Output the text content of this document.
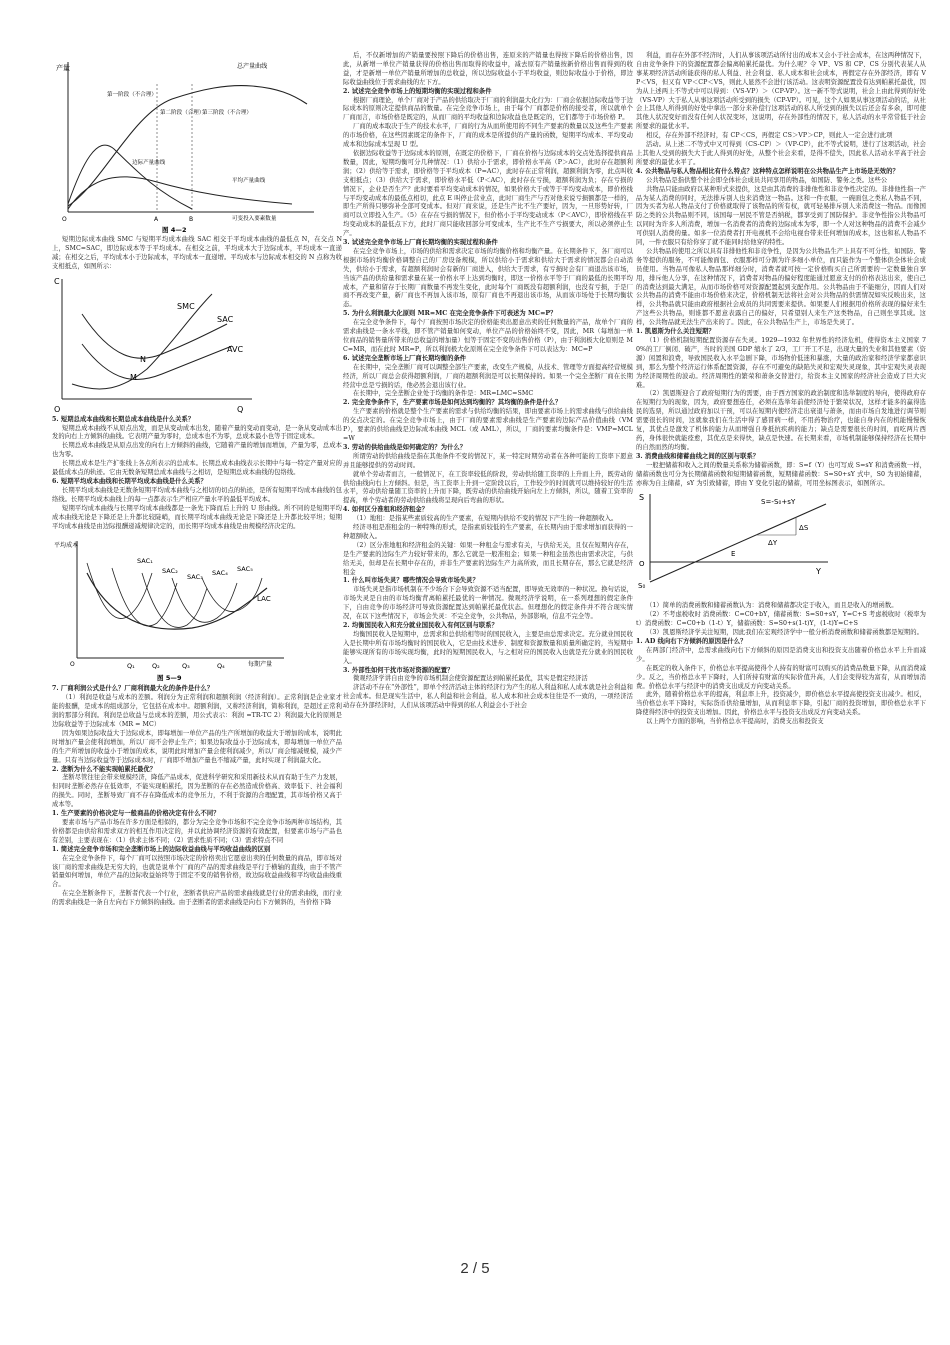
产量	总产量曲线
第一阶段（不合理）
第二阶段（合理）
第三阶段（不合理）
边际产量曲线
平均产量曲线
可变投入要素数量
O	A	B
图 4—2

短期边际成本曲线 SMC 与短期平均成本曲线 SAC 相交于平均成本曲线的最低点 N，在交点 N 上，SMC=SAC，即边际成本等于平均成本。在相交之前，平均成本大于边际成本，平均成本一直递减；在相交之后，平均成本小于边际成本，平均成本一直递增。平均成本与边际成本相交的 N 点称为收支相抵点，如图所示：

C
O	Q
SMC
SAC
AVC
N
M

5. 短期总成本曲线和长期总成本曲线是什么关系？

短期总成本曲线不从原点出发，而是从变动成本出发，随着产量的变动而变动，是一条从变动成本出发的向右上方倾斜的曲线。它表明产量为零时，总成本也不为零，总成本最小也等于固定成本。

长期总成本曲线是从原点出发的向右上方倾斜的曲线，它随着产量的增加而增加，产量为零，总成本也为零。

长期总成本是生产扩张线上各点所表示的总成本。长期总成本曲线表示长期中与每一特定产量对应的最低成本点的轨迹。它由无数条短期总成本曲线与之相切，是短期总成本曲线的包络线。

6. 短期平均成本曲线和长期平均成本曲线是什么关系？

长期平均成本曲线是无数条短期平均成本曲线与之相切的切点的轨迹，是所有短期平均成本曲线的包络线。长期平均成本曲线上的每一点都表示生产相应产量水平的最低平均成本。

短期平均成本曲线与长期平均成本曲线都是一条先下降而后上升的 U 形曲线。所不同的是短期平均成本曲线无论是下降还是上升都比较陡峭，而长期平均成本曲线无论是下降还是上升都比较平坦；短期平均成本曲线是由边际报酬递减规律决定的，而长期平均成本曲线是由规模经济决定的。

平均成本
每期产量
O
SAC₁
SAC₂
SAC₃ SAC₄ SAC₅
LAC
Q₁	Q₂	Q₃	Q₄
图 5—9

7. 厂商利润公式是什么？厂商利润最大化的条件是什么？

（1）利润是收益与成本的差额。利润分为正常利润和超额利润（经济利润）。正常利润是企业家才能的报酬，是成本的组成部分，它包括在成本中。超额利润，又称经济利润，简称利润，是超过正常利润的那部分利润。利润是总收益与总成本的差额，用公式表示：利润 =TR-TC 2）利润最大化的原则是边际收益等于边际成本（MR = MC）

因为如果边际收益大于边际成本，即每增加一单位产品的生产所增加的收益大于增加的成本，说明此时增加产量会使利润增加，所以厂商不会停止生产；如果边际收益小于边际成本，即每增加一单位产品的生产所增加的收益小于增加的成本，说明此时增加产量会使利润减少，所以厂商会缩减规模，减少产量。只有当边际收益等于边际成本时，厂商即不增加产量也不缩减产量，此时实现了利润最大化。

2. 垄断为什么不能实现帕累托最优？

垄断尽管往往会带来规模经济，降低产品成本，促进科学研究和采用新技术从而有助于生产力发展，但同时垄断必然存在低效率，不能实现帕累托，因为垄断的存在必然造成价格高、效率低下、社会福利的损失。同时，垄断导致厂商不存在降低成本的竞争压力，不利于资源的合理配置，其市场价格又高于成本等。

1. 生产要素的价格决定与一般商品的价格决定有什么不同？

要素市场与产品市场在许多方面是相似的，都分为完全竞争市场和不完全竞争市场两种市场结构，其价格都是由供给和需求双方的相互作用决定的，并以此协调经济资源的有效配置，但要素市场与产品也有差别，主要表现在：（1）供求主体不同；（2）需求性质不同；（3）需求特点不同

1. 简述完全竞争市场和完全垄断市场上的边际收益曲线与平均收益曲线的区别

在完全竞争条件下，每个厂商可以按照市场决定的价格卖出它愿意出卖的任何数量的商品，即市场对该厂商的需求曲线是无穷大的，也就是说单个厂商的产品的需求曲线是平行于横轴的直线，由于不管产销量如何增加，单位产品的边际收益始终等于固定不变的销售价格，故边际收益曲线和平均收益曲线重合。

在完全垄断条件下，垄断者代表一个行业，垄断者供应产品的需求曲线就是行业的需求曲线，而行业的需求曲线是一条自左向右下方倾斜的曲线。由于垄断者的需求曲线是向右下方倾斜的，当价格下降

后，不仅新增加的产销量要按照下降后的价格出售，连原来的产销量也得按下降后的价格出售，因此，从新增一单位产销量获得的价格出售而取得的收益中，减去原有产销量按新价格出售而得到的收益，才是新增一单位产销量所增加的总收益，所以边际收益小于平均收益，则边际收益小于价格，即边际收益曲线位于需求曲线的左下方。

2. 试述完全竞争市场上的短期均衡的实现过程和条件

根据厂商理论，单个厂商对于产品的供给取决于厂商的利润最大化行为：厂商会依据边际收益等于边际成本的原则决定提供商品的数量。在完全竞争市场上，由于每个厂商都是价格的接受者，所以就单个厂商而言，市场价格是既定的，从而厂商的平均收益和边际收益也是既定的，它们都等于市场价格 P。

厂商的成本取决于生产的技术水平，厂商的行为从而所使用的不同生产要素的数量以及这些生产要素的市场价格，在这些因素既定的条件下，厂商的成本是所提供的产量的函数，短期平均成本、平均变动成本和边际成本呈现 U 型。

依据边际收益等于边际成本的原则，在既定的价格下，厂商在价格与边际成本的交点处选择提供商品数量，因此，短期均衡可分几种情况：（1）供给小于需求，即价格水平高（P＞AC），此时存在超额利润；（2）供给等于需求，即价格等于平均成本（P=AC），此时存在正常利润，超额利润为零，此点叫收支相抵点；（3）供给大于需求，即价格水平低（P＜AC），此时存在亏损，超额利润为负；存在亏损的情况下，企业是否生产？此时要看平均变动成本的情况，如果价格大于或等于平均变动成本，即价格线与平均变动成本的最低点相切，此点 E 叫停止营业点，此时厂商生产与否对他来说亏损额都是一样的，即生产所得只够弥补全部可变成本。但对厂商来说，还是生产比不生产要好，因为，一旦形势好转，厂商可以立即投入生产。（5）在存在亏损的情况下，但价格小于平均变动成本（P＜AVC），即价格线在平均变动成本的最低点下方，此时厂商只能收回部分可变成本，生产比不生产亏损要大，所以必须停止生产。

3. 试述完全竞争市场上厂商长期均衡的实现过程和条件

在完全竞争市场上，市场的供给和需求决定市场的均衡价格和均衡产量。在长期条件下，各厂商可以根据市场的均衡价格调整自己的厂房设备规模，所以供给小于需求和供给大于需求的情况都会自动消失，供给小于需求，有超额利润时会有新的厂商进入，供给大于需求，有亏损时会有厂商退出该市场，当该产品的供给量和需求量在某一价格水平上达到均衡时，即这一价格水平等于厂商的最低的长期平均成本，产量和留存于长期厂商数量不再发生变化，此时每个厂商既没有超额利润，也没有亏损，于是厂商不再改变产量，新厂商也不再加入该市场，原有厂商也不再退出该市场，从而该市场处于长期均衡状态。

5. 为什么利润最大化原则 MR=MC 在完全竞争条件下可表述为 MC=P？

在完全竞争条件下，每个厂商按照市场决定的价格能卖出愿意出卖的任何数量的产品，故单个厂商的需求曲线是一条水平线，即不管产销量如何变动，单位产品的价格始终不变，因此，MR（每增加一单位商品的销售量所带来的总收益的增加量）恒等于固定不变的出售价格（P），由于利润极大化原则是 MC=MR，而在此时 MR=P，所以利润极大化原则在完全竞争条件下可以表达为：MC=P

6. 试述完全垄断市场上厂商长期均衡的条件

在长期中，完全垄断厂商可以调整全部生产要素，改变生产规模，从技术、管理等方面提高经营规模经济，所以厂商总会获得超额利润，厂商的超额利润是可以长期保持的。如果一个完全垄断厂商在长期经营中总是亏损的话，他必然会退出该行业。

在长期中，完全垄断企业处于均衡的条件是：MR=LMC=SMC

2. 完全竞争条件下，生产要素市场是如何达到均衡的？其均衡的条件是什么？

生产要素的价格就是整个生产要素的需求与供给均衡的结果，即由要素市场上的需求曲线与供给曲线的交点决定的。在完全竞争市场上，由于厂商的要素需求曲线是生产要素的边际产品价值曲线（VMP），要素的供给曲线是边际成本曲线 MCL（或 AML），所以，厂商的要素均衡条件是：VMP=MCL=W

3. 劳动的供给曲线是如何确定的？为什么？

所谓劳动的供给曲线是指在其他条件不变的情况下，某一特定时期劳动者在各种可能的工资率下愿意并且能够提供的劳动时间。

就单个劳动者而言，一般情况下，在工资率较低的阶段，劳动供给随工资率的上升而上升，既劳动的供给曲线向右上方倾斜。但是，当工资率上升到一定阶段以后，工作较少的时间就可以维持较好的生活水平，劳动供给量随工资率的上升而下降，既劳动的供给曲线开始向左上方倾斜，所以，随着工资率的提高，单个劳动者的劳动供给曲线将呈现向后弯曲的形状。

4. 如何区分准租和经济租金？

（1）地租：是指某些素质较高的生产要素，在短期内供给不变的情况下产生的一种超额收入。

经济寻租是准租金的一种特殊的形式，是指素质较低的生产要素，在长期内由于需求增加而获得的一种超额收入。

（2）区分准地租和经济租金的关键：如果一种租金与需求有关，与供给无关，且仅在短期内存在，是生产要素的边际生产力较好带来的，那么它就是一般准租金；如果一种租金虽然也由需求决定，与供给无关，但却是在长期中存在的，并非生产要素的边际生产力高所致，而且长期存在，那么它就是经济租金

1. 什么叫市场失灵？哪些情况会导致市场失灵？

市场失灵是指市场机制在不少场合下会导致资源不适当配置，即导致无效率的一种状况。换句话说，市场失灵是自由的市场均衡背离帕累托最优的一种情况。微观经济学说明，在一系列理想的假定条件下，自由竞争的市场经济可导致资源配置达到帕累托最优状态。但理想化的假定条件并不符合现实情况，在以下这些情况下，市场会失灵：不完全竞争，公共物品，外部影响，信息不完全等。

2. 均衡国民收入和充分就业国民收入有何区别与联系？

均衡国民收入是短期中，总需求和总供给相等时的国民收入，主要是由总需求决定。充分就业国民收入是长期中所有市场均衡时的国民收入，它是由技术进步、制度和资源数量和质量所确定的，当短期中能够实现所有的市场实现均衡，此时的短期国民收入，与之相对应的国民收入也就是充分就业的国民收入。

3. 外部性如何干扰市场对资源的配置？

微观经济学讲自由竞争的市场机制会使资源配置达到帕累托最优，其实是假定经济活

济活动不存在“外部性”，即单个经济活动主体的经济行为产生的私人利益和私人成本就是社会利益和社会成本。但是现实生活中，私人利益和社会利益，私人成本和社会成本往往是不一致的，一项经济活动存在外部经济时，人们从该项活动中得到的私人利益会小于社会

利益，而存在外部不经济时，人们从事该项活动所付出的成本又会小于社会成本，在这两种情况下，自由竞争条件下的资源配置都会偏离帕累托最优。为什么呢？令 VP、VS 和 CP、CS 分别代表某人从事某项经济活动所能获得的私人利益、社会利益、私人成本和社会成本，再假定存在外部经济，即有 VP＜VS，但又有 VP＜CP＜VS，则此人显然不会进行该活动。这表明资源配置没有达到帕累托最优，因为从上述两上不等式中可以得到：（VS-VP）＞（CP-VP）。这一新不等式说明，社会上由此得到的好处（VS-VP）大于私人从事这项活动所受到的损失（CP-VP）。可见，这个人如果从事这项活动的话，从社会上其他人所得到的好处中拿出一部分来补偿行这项活动的私人所受到的损失以后还会有多余，即可使其他人状况变好而没有任何人状况变坏，这说明，存在外部性的情况下，私人活动的水平常常低于社会所要求的最优水平。

相反，存在外部不经济时，有 CP＜CS，再假定 CS＞VP＞CP，则此人一定会进行此项

活动。从上述二不等式中又可得到（CS-CP）＞（VP-CP），此不等式说明，进行了这项活动，社会上其他人受到的损失大于此人得到的好处，从整个社会来看，是得不偿失，因此私人活动水平高于社会所要求的最优水平了。

4. 公共物品与私人物品相比有什么特点？这种特点怎样说明在公共物品生产上市场是无效的？

公共物品是指供整个社会即全体社会成员共同享用的物品，如国防、警务之类。这些公

共物品只能由政府以某种形式来提供，这是由其消费的非排他性和非竞争性决定的。非排他性指一产品为某人消费的同时，无法排斥别人也来消费这一物品。这和一件衣服，一碗面包之类私人物品不同，因为买者为私人物品支付了价格就取得了该物品的所有权，就可轻易排斥别人来消费这一物品。而像国防之类的公共物品则不同，该国每一居民不管是否纳税，都享受到了国防保护。非竞争性指公共物品可以同时为许多人所消费，增加一名消费者的消费的边际成本为零，即一个人对这种物品的消费不会减少可供别人消费的量。如多一位消费者打开电视机不会给电视台带来任何增加的成本，这也和私人物品不同，一件衣服只有给你穿了就不能同时给他穿的特性。

公共物品的使用之所以具有非排他性和非竞争性，是因为公共物品生产上具有不可分性，如国防、警务等提供的服务，不可能像面包、衣服那样可分割为许多细小单位，而只能作为一个整体供全体社会成员使用。当物品可像私人物品那样细分时，消费者就可按一定价格购买自己所需要的一定数量独自享用，排斥他人分享，在这种情况下，消费者对物品的偏好程度能通过愿意支付的价格表达出来，使自己的消费达到最大满足，从而市场价格可对资源配置起到支配作用。公共物品由于不能细分，因而人们对公共物品的消费不能由市场价格来决定，价格机制无法将社会对公共物品的供需情况如实反映出来，这样，公共物品就只能由政府根据社会成员的共同需要来提供。如果要人们根据用价格所表现的偏好来生产这些公共物品，则谁都不愿意表露自己的偏好，只希望别人来生产这类物品，自己则坐享其成。这样，公共物品就无法生产出来的了。因此，在公共物品生产上，市场是失灵了。

1. 凯恩斯为什么关注短期？

（1）价格机制短期配置资源存在失灵。1929—1932 年世界性的经济危机，使得资本主义国家 70%的工厂倒闭、破产，当时的美国 GDP 缩水了 2/3，工厂开工不足，出现大量的失业和其他要素（资源）闲置和浪费，导致国民收入水平急剧下降，市场物价低迷和暴涨，大量的政治家和经济学家都意识到，那么为整个经济运行体系配置资源，存在不可避免的缺陷失灵和宏观失灵现象，其中宏观失灵表现为经济周期性的波动。经济周期性的繁荣和萧条交替进行，给资本主义国家的经济社会造成了巨大灾难。

（2）凯恩斯迎合了政府短期行为的需要，由于西方国家的政治制度和选举制度的导向，使得政府存在短期行为的现象，因为，政府要想连任，必须在选举年前使经济处于繁荣状况，这样才能多的赢得选民的选票，所以通过政府加以干预，可以在短期内使经济走出衰退与萧条，而由市场自发地进行调节则需要很长的时间，这就象我们在生活中得了感冒病一样，不用药物治疗，也能自身内在的机能慢慢恢复，其优点是激发了机体的能力从而增强自身抵抗疾病的能力；缺点是需要很长的时间，而吃两片西药，身体很快就能痊愈，其优点是来得快，缺点是快速。在长期来看，市场机制能够保持经济在长期中的自然而然的均衡。

3. 消费曲线和储蓄曲线之间的区别与联系？

一般把储蓄和收入之间的数量关系称为储蓄函数，即：S=f（Y）也可写成 S=sY 和消费函数一样，储蓄函数也可分为长期储蓄函数和短期储蓄函数，短期储蓄函数：S=S0+sY 式中，S0 为初始储蓄，亦称为自主储蓄，sY 为引致储蓄，即由 Y 变化引起的储蓄，可用坐标图表示，如图所示。

S	S=-S₀+sY
ΔS
ΔY
E
O
S₀
Y

（1）简单的消费函数和储蓄函数认为：消费和储蓄都决定于收入，而且是收入的增函数。

（2）不考虑税收时 消费函数：C=C0+bY，储蓄函数：S=S0+sY，Y=C+S 考虑税收时（税率为 t）消费函数：C=C0+b（1-t）Y，储蓄函数：S=S0+s(1-t)Y，(1-t)Y=C+S

（3）凯恩斯经济学关注短期，因此我们在宏观经济学中一般分析消费函数和储蓄函数都是短期的。

1. AD 线向右下方倾斜的原因是什么？

在两部门经济中，总需求曲线向右下方倾斜的原因是消费支出和投资支出随着价格总水平上升而减少。

在既定的收入条件下，价格总水平提高使得个人持有的财富可以购买的消费品数量下降，从而消费减少。反之，当价格总水平下降时，人们所持有财富的实际价值升高，人们会变得较为富有，从而增加消费。价格总水平与经济中的消费支出成反方向变动关系。

此外，随着价格总水平的提高，利息率上升，投资减少，即价格总水平提高使投资支出减少。相反，当价格总水平下降时，实际货币供给量增加，从而利息率下降，引起厂商的投资增加，即价格总水平下降使得经济中的投资支出增加。因此，价格总水平与投资支出成反方向变动关系。

以上两个方面的影响，当价格总水平提高时，消费支出和投资支

2 / 5
